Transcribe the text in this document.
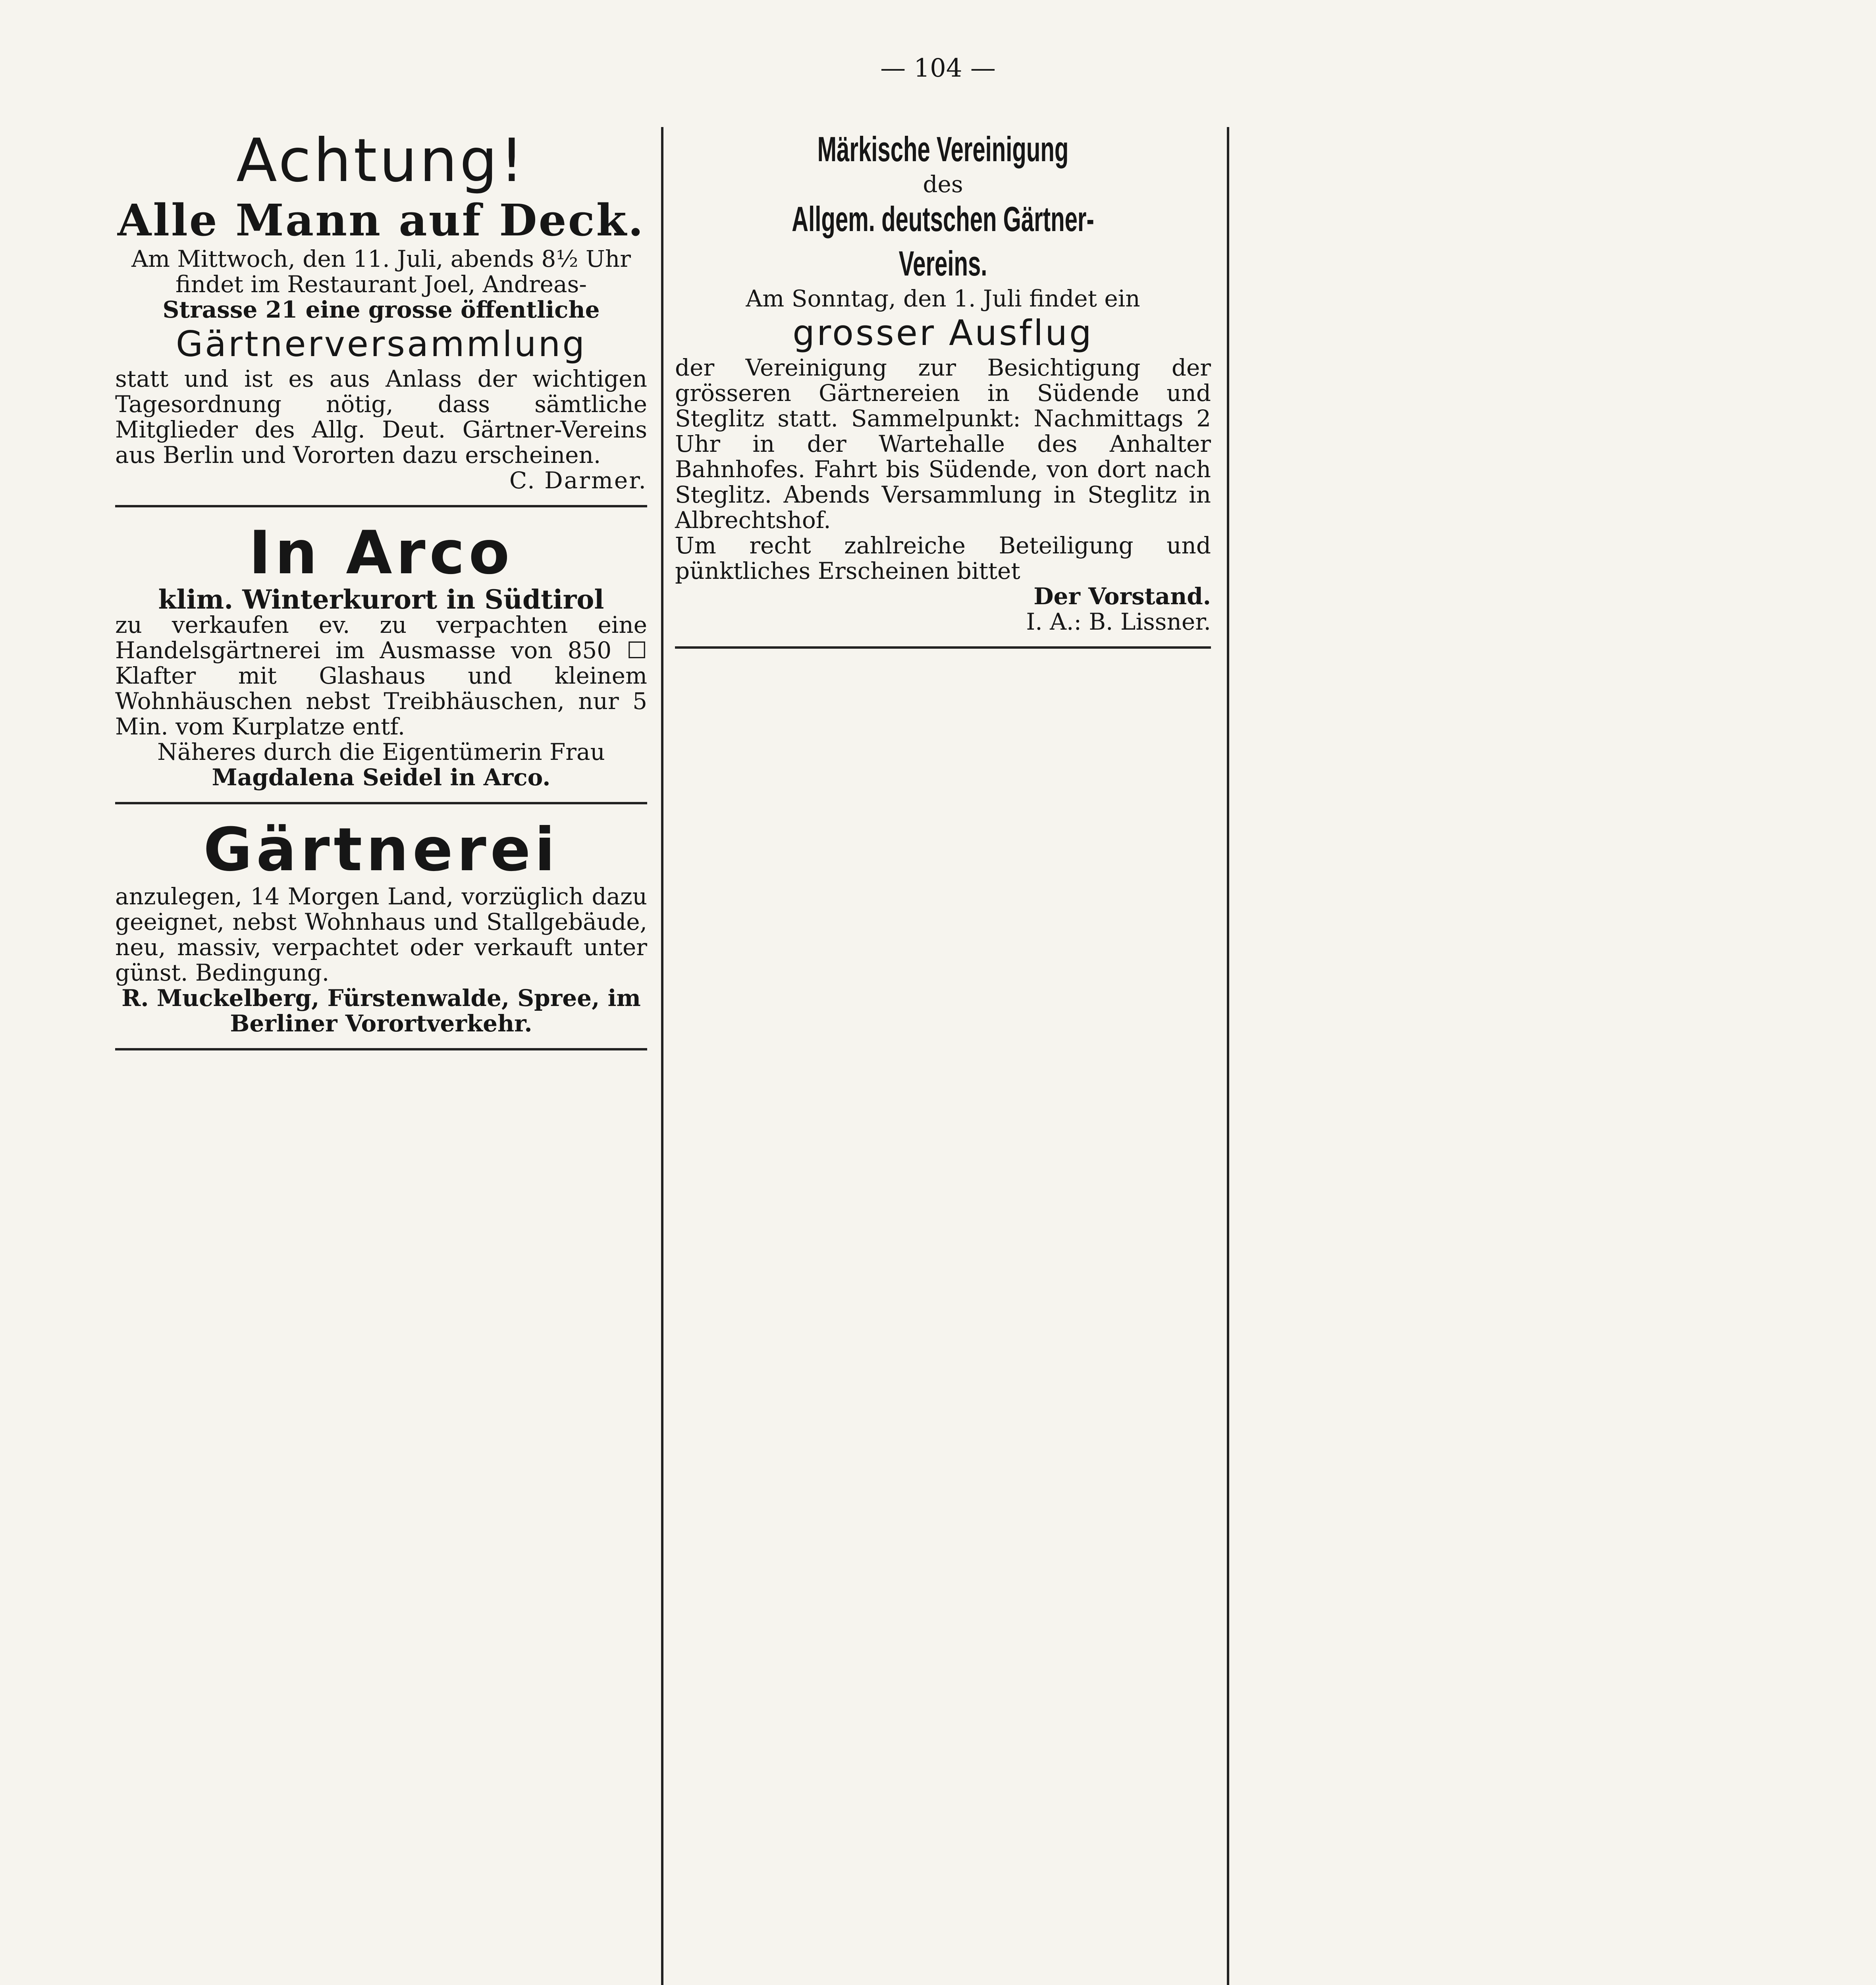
— 104 —
Achtung!
Alle Mann auf Deck.

Am Mittwoch, den 11. Juli, abends 8½ Uhr

findet im Restaurant Joel, Andreas-

Strasse 21 eine grosse öffentliche

Gärtnerversammlung

statt und ist es aus Anlass der wichtigen Tagesordnung nötig, dass sämtliche Mitglieder des Allg. Deut. Gärtner-Vereins aus Berlin und Vororten dazu erscheinen.

C. Darmer.

In Arco

klim. Winterkurort in Südtirol

zu verkaufen ev. zu verpachten eine Handelsgärtnerei im Ausmasse von 850 ☐ Klafter mit Glashaus und kleinem Wohnhäuschen nebst Treibhäuschen, nur 5 Min. vom Kurplatze entf.

Näheres durch die Eigentümerin Frau

Magdalena Seidel in Arco.

Gärtnerei

anzulegen, 14 Morgen Land, vorzüglich dazu geeignet, nebst Wohnhaus und Stallgebäude, neu, massiv, verpachtet oder verkauft unter günst. Bedingung.

R. Muckelberg, Fürstenwalde, Spree, im Berliner Vorortverkehr.

Märkische Vereinigung

des

Allgem. deutschen Gärtner-Vereins.

Am Sonntag, den 1. Juli findet ein

grosser Ausflug

der Vereinigung zur Besichtigung der grösseren Gärtnereien in Südende und Steglitz statt. Sammelpunkt: Nachmittags 2 Uhr in der Wartehalle des Anhalter Bahnhofes. Fahrt bis Südende, von dort nach Steglitz. Abends Versammlung in Steglitz in Albrechtshof.

Um recht zahlreiche Beteiligung und pünktliches Erscheinen bittet

Der Vorstand.

I. A.: B. Lissner.
